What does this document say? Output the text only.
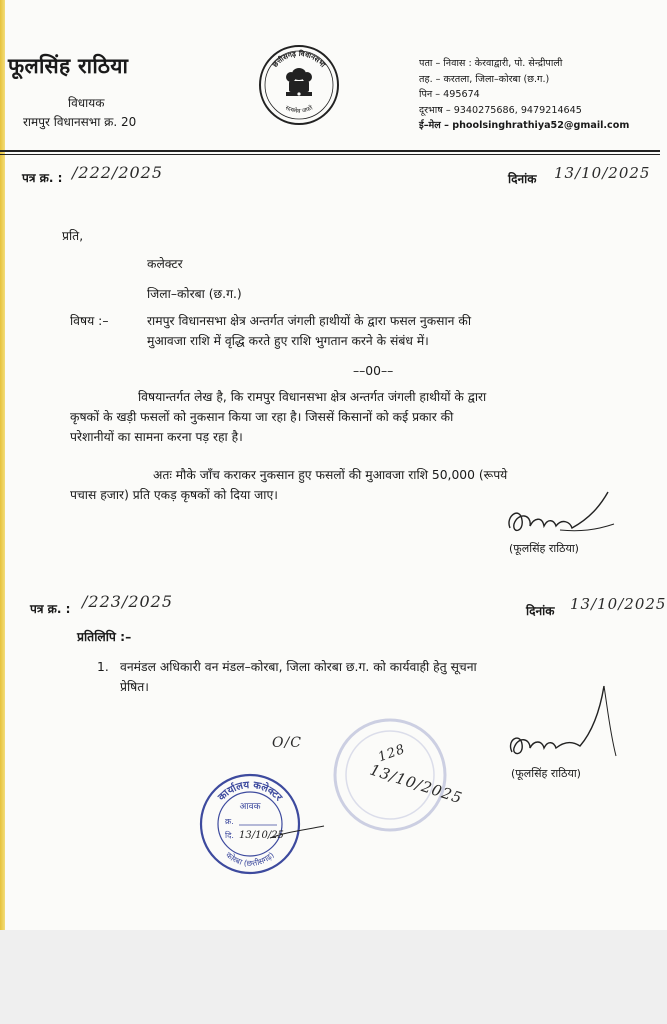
फूलसिंह राठिया
विधायक
रामपुर विधानसभा क्र. 20
छत्तीसगढ़ विधानसभा
सत्यमेव जयते
पता – निवास : केरवाद्वारी, पो. सेन्द्रीपाली
तह. – करतला, जिला–कोरबा (छ.ग.)
पिन – 495674
दूरभाष – 9340275686, 9479214645
ई–मेल – phoolsinghrathiya52@gmail.com
पत्र क्र. : /222/2025	दिनांक 13/10/2025
प्रति,
कलेक्टर
जिला–कोरबा (छ.ग.)
विषय :–	रामपुर विधानसभा क्षेत्र अन्तर्गत जंगली हाथीयों के द्वारा फसल नुकसान की
मुआवजा राशि में वृद्धि करते हुए राशि भुगतान करने के संबंध में।
––00––
विषयान्तर्गत लेख है, कि रामपुर विधानसभा क्षेत्र अन्तर्गत जंगली हाथीयों के द्वारा
कृषकों के खड़ी फसलों को नुकसान किया जा रहा है। जिससें किसानों को कई प्रकार की
परेशानीयों का सामना करना पड़ रहा है।
अतः मौके जाँच कराकर नुकसान हुए फसलों की मुआवजा राशि 50,000 (रूपये
पचास हजार) प्रति एकड़ कृषकों को दिया जाए।
(फूलसिंह राठिया)
पत्र क्र. : /223/2025	दिनांक 13/10/2025
प्रतिलिपि :–
1. वनमंडल अधिकारी वन मंडल–कोरबा, जिला कोरबा छ.ग. को कार्यवाही हेतु सूचना
प्रेषित।
(फूलसिंह राठिया)
O/C	128
13/10/2025
कार्यालय कलेक्टर
कोरबा (छत्तीसगढ़)
आवक
क्र.
दि. 13/10/25
